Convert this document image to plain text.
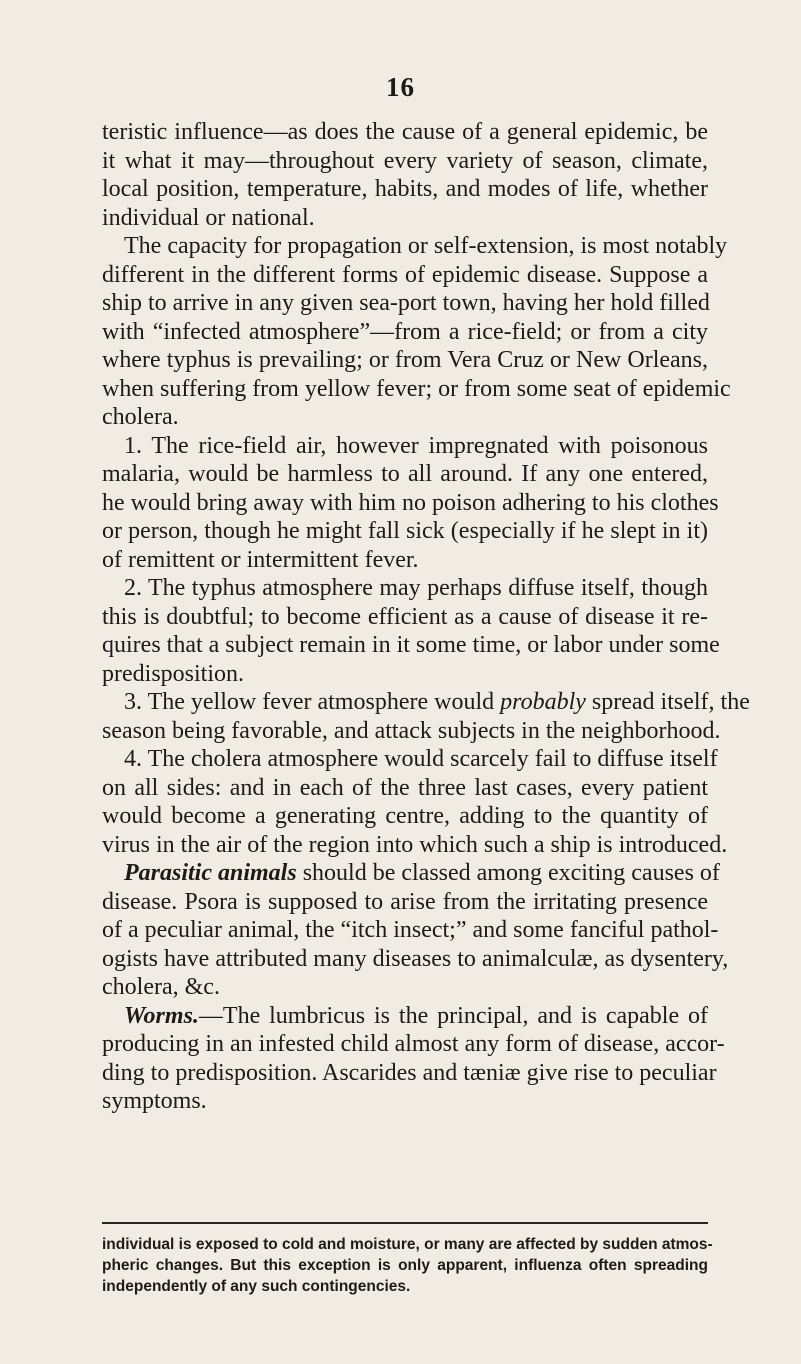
16
teristic influence—as does the cause of a general epidemic, be
it what it may—throughout every variety of season, climate,
local position, temperature, habits, and modes of life, whether
individual or national.
The capacity for propagation or self-extension, is most notably
different in the different forms of epidemic disease. Suppose a
ship to arrive in any given sea-port town, having her hold filled
with “infected atmosphere”—from a rice-field; or from a city
where typhus is prevailing; or from Vera Cruz or New Orleans,
when suffering from yellow fever; or from some seat of epidemic
cholera.
1. The rice-field air, however impregnated with poisonous
malaria, would be harmless to all around. If any one entered,
he would bring away with him no poison adhering to his clothes
or person, though he might fall sick (especially if he slept in it)
of remittent or intermittent fever.
2. The typhus atmosphere may perhaps diffuse itself, though
this is doubtful; to become efficient as a cause of disease it re-
quires that a subject remain in it some time, or labor under some
predisposition.
3. The yellow fever atmosphere would probably spread itself, the
season being favorable, and attack subjects in the neighborhood.
4. The cholera atmosphere would scarcely fail to diffuse itself
on all sides: and in each of the three last cases, every patient
would become a generating centre, adding to the quantity of
virus in the air of the region into which such a ship is introduced.
Parasitic animals should be classed among exciting causes of
disease. Psora is supposed to arise from the irritating presence
of a peculiar animal, the “itch insect;” and some fanciful pathol-
ogists have attributed many diseases to animalculæ, as dysentery,
cholera, &c.
Worms.—The lumbricus is the principal, and is capable of
producing in an infested child almost any form of disease, accor-
ding to predisposition. Ascarides and tæniæ give rise to peculiar
symptoms.
individual is exposed to cold and moisture, or many are affected by sudden atmos-
pheric changes. But this exception is only apparent, influenza often spreading
independently of any such contingencies.
